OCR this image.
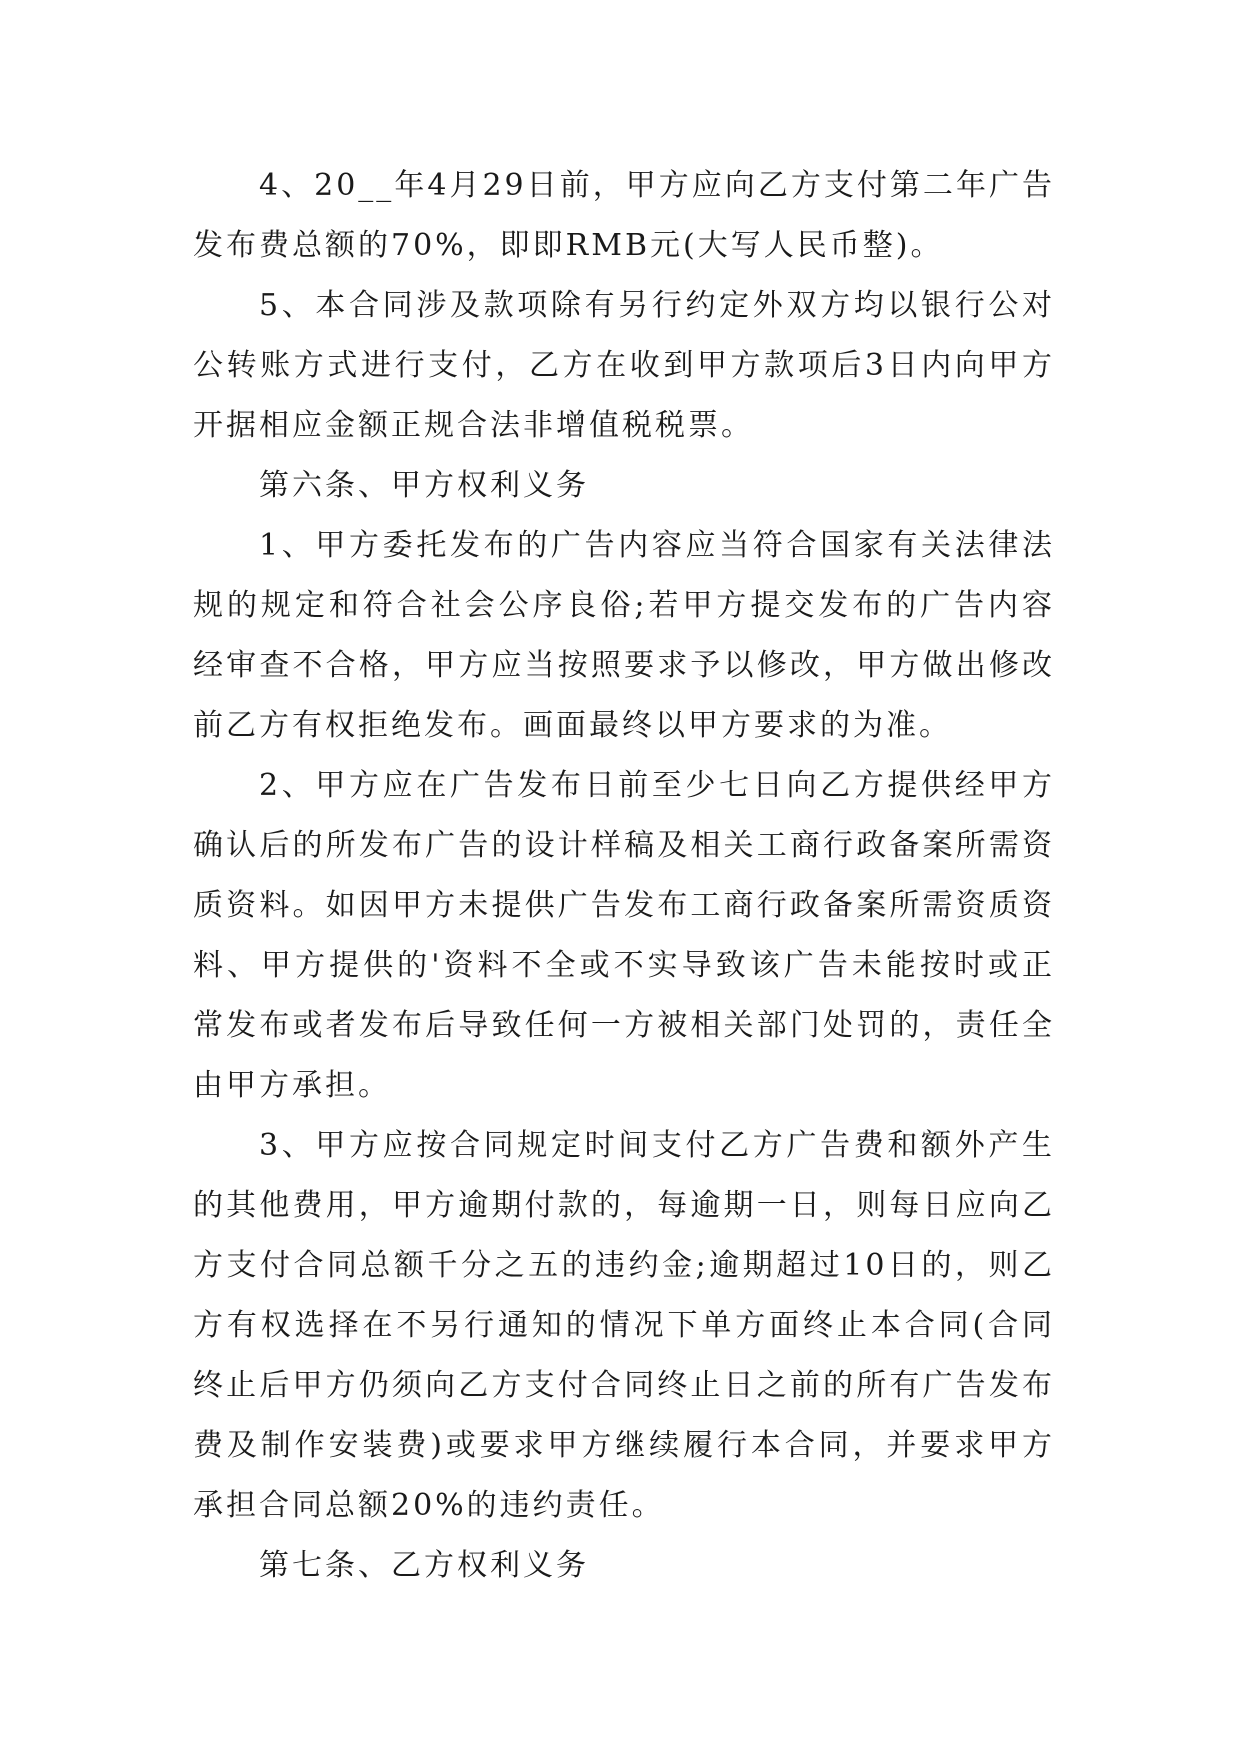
4、20__年4月29日前，甲方应向乙方支付第二年广告发布费总额的70%，即即RMB元(大写人民币整)。

5、本合同涉及款项除有另行约定外双方均以银行公对公转账方式进行支付，乙方在收到甲方款项后3日内向甲方开据相应金额正规合法非增值税税票。

第六条、甲方权利义务

1、甲方委托发布的广告内容应当符合国家有关法律法规的规定和符合社会公序良俗;若甲方提交发布的广告内容经审查不合格，甲方应当按照要求予以修改，甲方做出修改前乙方有权拒绝发布。画面最终以甲方要求的为准。

2、甲方应在广告发布日前至少七日向乙方提供经甲方确认后的所发布广告的设计样稿及相关工商行政备案所需资质资料。如因甲方未提供广告发布工商行政备案所需资质资料、甲方提供的'资料不全或不实导致该广告未能按时或正常发布或者发布后导致任何一方被相关部门处罚的，责任全由甲方承担。

3、甲方应按合同规定时间支付乙方广告费和额外产生的其他费用，甲方逾期付款的，每逾期一日，则每日应向乙方支付合同总额千分之五的违约金;逾期超过10日的，则乙方有权选择在不另行通知的情况下单方面终止本合同(合同终止后甲方仍须向乙方支付合同终止日之前的所有广告发布费及制作安装费)或要求甲方继续履行本合同，并要求甲方承担合同总额20%的违约责任。

第七条、乙方权利义务
